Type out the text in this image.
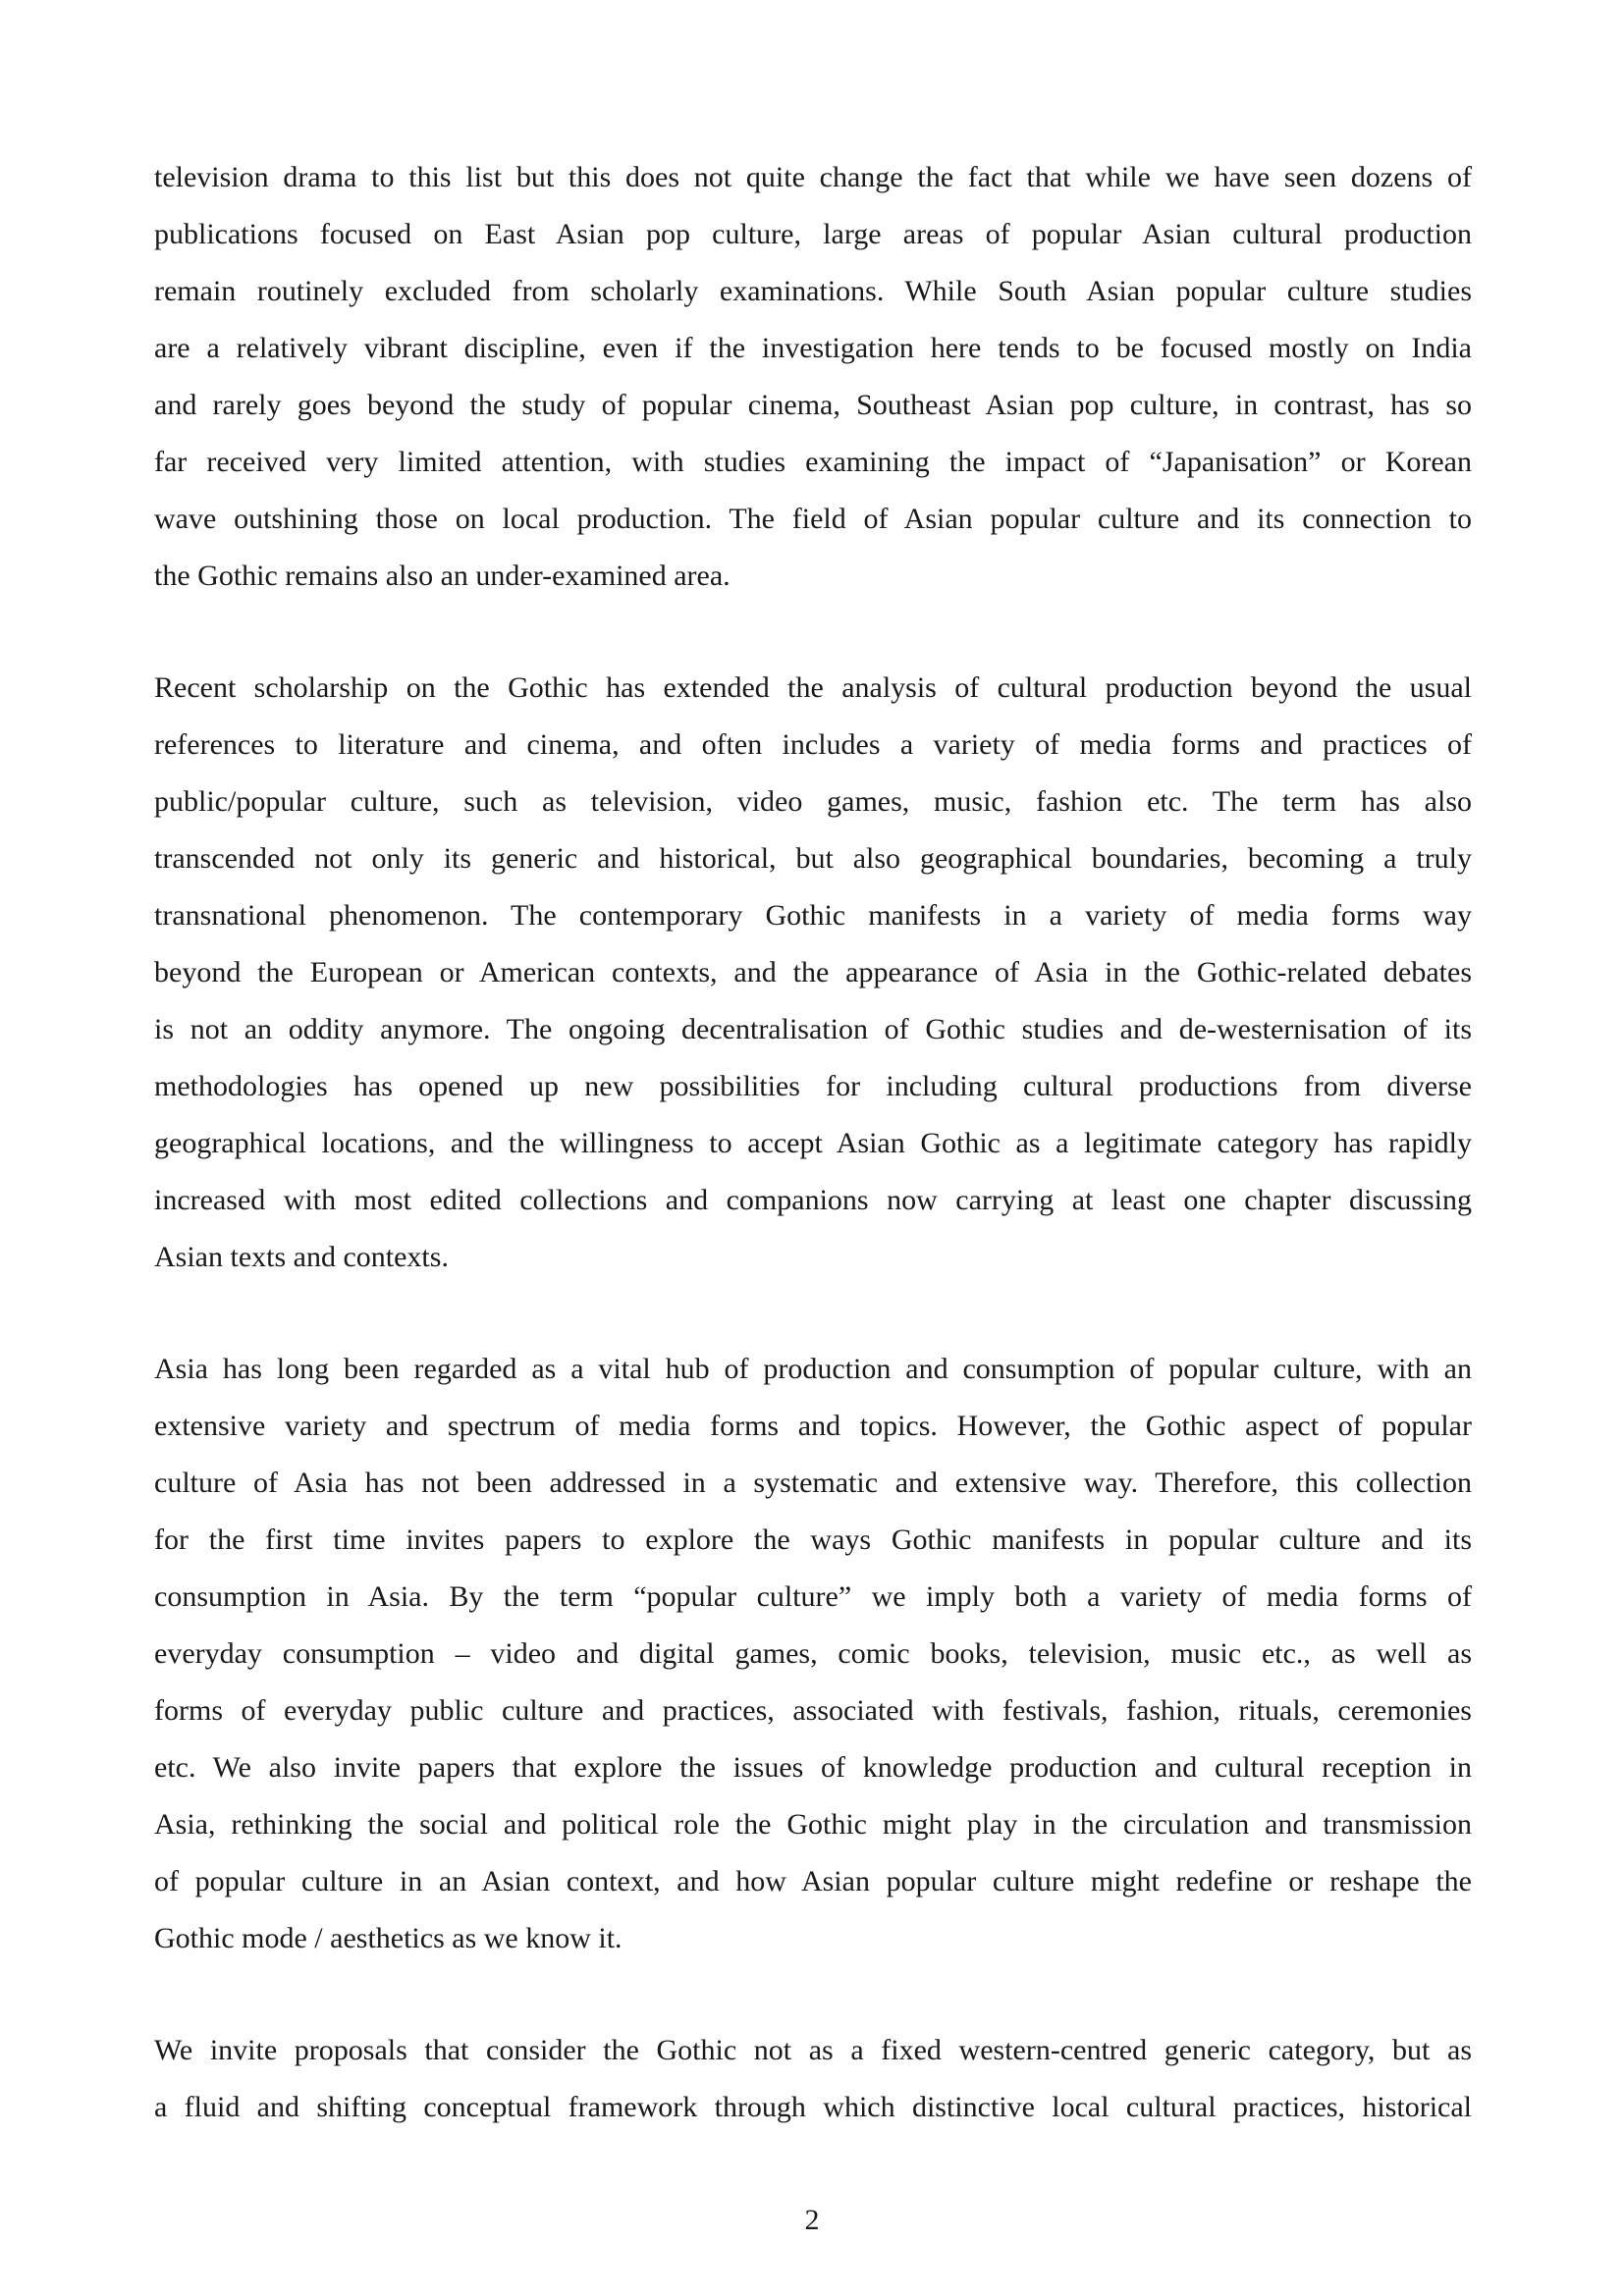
television drama to this list but this does not quite change the fact that while we have seen dozens of
publications focused on East Asian pop culture, large areas of popular Asian cultural production
remain routinely excluded from scholarly examinations. While South Asian popular culture studies
are a relatively vibrant discipline, even if the investigation here tends to be focused mostly on India
and rarely goes beyond the study of popular cinema, Southeast Asian pop culture, in contrast, has so
far received very limited attention, with studies examining the impact of “Japanisation” or Korean
wave outshining those on local production. The field of Asian popular culture and its connection to
the Gothic remains also an under-examined area.

Recent scholarship on the Gothic has extended the analysis of cultural production beyond the usual
references to literature and cinema, and often includes a variety of media forms and practices of
public/popular culture, such as television, video games, music, fashion etc. The term has also
transcended not only its generic and historical, but also geographical boundaries, becoming a truly
transnational phenomenon. The contemporary Gothic manifests in a variety of media forms way
beyond the European or American contexts, and the appearance of Asia in the Gothic-related debates
is not an oddity anymore. The ongoing decentralisation of Gothic studies and de-westernisation of its
methodologies has opened up new possibilities for including cultural productions from diverse
geographical locations, and the willingness to accept Asian Gothic as a legitimate category has rapidly
increased with most edited collections and companions now carrying at least one chapter discussing
Asian texts and contexts.

Asia has long been regarded as a vital hub of production and consumption of popular culture, with an
extensive variety and spectrum of media forms and topics. However, the Gothic aspect of popular
culture of Asia has not been addressed in a systematic and extensive way. Therefore, this collection
for the first time invites papers to explore the ways Gothic manifests in popular culture and its
consumption in Asia. By the term “popular culture” we imply both a variety of media forms of
everyday consumption – video and digital games, comic books, television, music etc., as well as
forms of everyday public culture and practices, associated with festivals, fashion, rituals, ceremonies
etc. We also invite papers that explore the issues of knowledge production and cultural reception in
Asia, rethinking the social and political role the Gothic might play in the circulation and transmission
of popular culture in an Asian context, and how Asian popular culture might redefine or reshape the
Gothic mode / aesthetics as we know it.

We invite proposals that consider the Gothic not as a fixed western-centred generic category, but as
a fluid and shifting conceptual framework through which distinctive local cultural practices, historical

2
